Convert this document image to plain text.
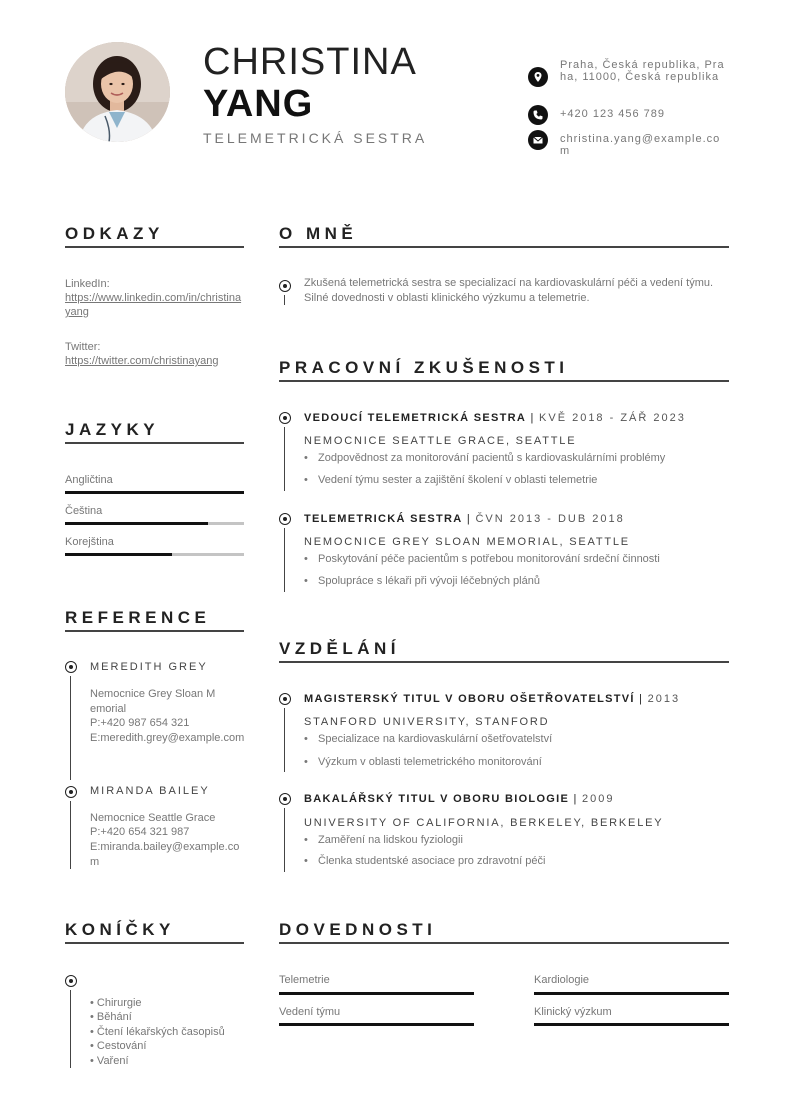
CHRISTINA
YANG
TELEMETRICKÁ SESTRA
Praha, Česká republika, Praha, 11000, Česká republika
+420 123 456 789
christina.yang@example.com
ODKAZY
LinkedIn:
https://www.linkedin.com/in/christinayang
Twitter:
https://twitter.com/christinayang
JAZYKY
Angličtina
Čeština
Korejština
REFERENCE
MEREDITH GREY
Nemocnice Grey Sloan Memorial
P:+420 987 654 321
E:meredith.grey@example.com
MIRANDA BAILEY
Nemocnice Seattle Grace
P:+420 654 321 987
E:miranda.bailey@example.com
KONÍČKY
• Chirurgie
• Běhání
• Čtení lékařských časopisů
• Cestování
• Vaření
O MNĚ
Zkušená telemetrická sestra se specializací na kardiovaskulární péči a vedení týmu. Silné dovednosti v oblasti klinického výzkumu a telemetrie.
PRACOVNÍ ZKUŠENOSTI
VEDOUCÍ TELEMETRICKÁ SESTRA | KVĚ 2018 - ZÁŘ 2023
NEMOCNICE SEATTLE GRACE, SEATTLE
• Zodpovědnost za monitorování pacientů s kardiovaskulárními problémy
• Vedení týmu sester a zajištění školení v oblasti telemetrie
TELEMETRICKÁ SESTRA | ČVN 2013 - DUB 2018
NEMOCNICE GREY SLOAN MEMORIAL, SEATTLE
• Poskytování péče pacientům s potřebou monitorování srdeční činnosti
• Spolupráce s lékaři při vývoji léčebných plánů
VZDĚLÁNÍ
MAGISTERSKÝ TITUL V OBORU OŠETŘOVATELSTVÍ | 2013
STANFORD UNIVERSITY, STANFORD
• Specializace na kardiovaskulární ošetřovatelství
• Výzkum v oblasti telemetrického monitorování
BAKALÁŘSKÝ TITUL V OBORU BIOLOGIE | 2009
UNIVERSITY OF CALIFORNIA, BERKELEY, BERKELEY
• Zaměření na lidskou fyziologii
• Členka studentské asociace pro zdravotní péči
DOVEDNOSTI
Telemetrie	Kardiologie
Vedení týmu	Klinický výzkum
